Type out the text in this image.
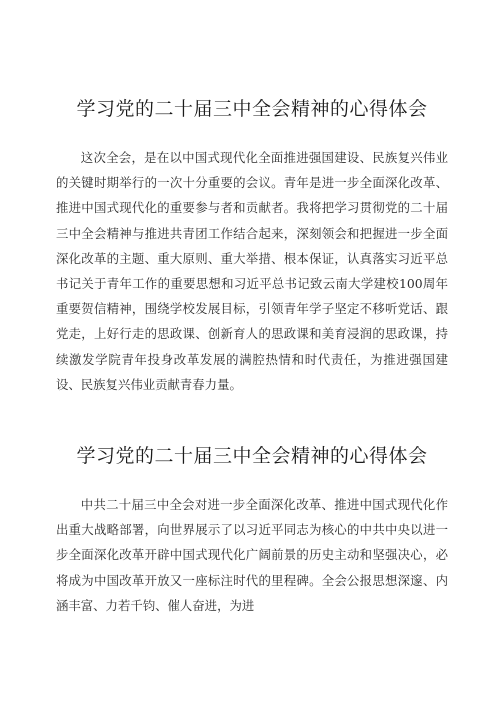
学习党的二十届三中全会精神的心得体会

这次全会，是在以中国式现代化全面推进强国建设、民族复兴伟业的关键时期举行的一次十分重要的会议。青年是进一步全面深化改革、推进中国式现代化的重要参与者和贡献者。我将把学习贯彻党的二十届三中全会精神与推进共青团工作结合起来，深刻领会和把握进一步全面深化改革的主题、重大原则、重大举措、根本保证，认真落实习近平总书记关于青年工作的重要思想和习近平总书记致云南大学建校100周年重要贺信精神，围绕学校发展目标，引领青年学子坚定不移听党话、跟党走，上好行走的思政课、创新育人的思政课和美育浸润的思政课，持续激发学院青年投身改革发展的满腔热情和时代责任，为推进强国建设、民族复兴伟业贡献青春力量。

学习党的二十届三中全会精神的心得体会

中共二十届三中全会对进一步全面深化改革、推进中国式现代化作出重大战略部署，向世界展示了以习近平同志为核心的中共中央以进一步全面深化改革开辟中国式现代化广阔前景的历史主动和坚强决心，必将成为中国改革开放又一座标注时代的里程碑。全会公报思想深邃、内涵丰富、力若千钧、催人奋进，为进
